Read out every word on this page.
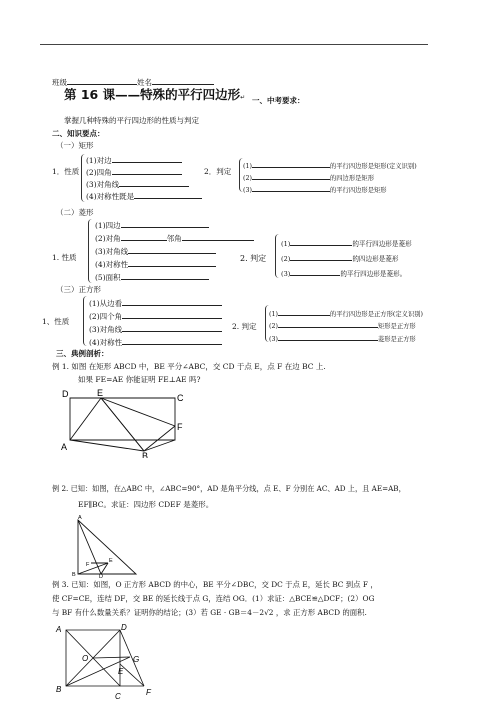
班级	姓名
第 16 课——特殊的平行四边形↵ 一、中考要求：
掌握几种特殊的平行四边形的性质与判定
二、知识要点：
（一）矩形
1．性质
(1)对边
(2)四角
(3)对角线
(4)对称性既是
2．判定
(1)	的平行四边形是矩形(定义识别)
(2)	的四边形是矩形
(3)	的平行四边形是矩形
（二）菱形
1. 性质
(1)四边
(2)对角	邻角
(3)对角线
(4)对称性
(5)面积
2. 判定
(1)	的平行四边形是菱形
(2)	的四边形是菱形
(3)	的平行四边形是菱形。
（三）正方形
1、性质
(1)从边看
(2)四个角
(3)对角线
(4)对称性
2. 判定
(1)	的平行四边形是正方形(定义识别)
(2)	矩形是正方形
(3)	菱形是正方形
三、典例剖析：
例 1. 如图 在矩形 ABCD 中，BE 平分∠ABC，交 CD 于点 E，点 F 在边 BC 上.
如果 FE=AE 你能证明 FE⊥AE 吗?
D	E	C
F
A
B
例 2. 已知：如图，在△ABC 中，∠ABC=90°，AD 是角平分线，点 E、F 分别在 AC、AD 上，且 AE=AB，
EF∥BC。求证：四边形 CDEF 是菱形。
A
F
E
B	D
例 3. 已知：如图，O 正方形 ABCD 的中心，BE 平分∠DBC，交 DC 于点 E，延长 BC 到点 F ，
使 CF=CE，连结 DF，交 BE 的延长线于点 G，连结 OG．(1）求证：△BCE≌△DCF；(2）OG
与 BF 有什么数量关系？证明你的结论；(3）若 GE · GB＝4－2√2 ，求 正方形 ABCD 的面积.
A	D
O	G
E
B
C	F
